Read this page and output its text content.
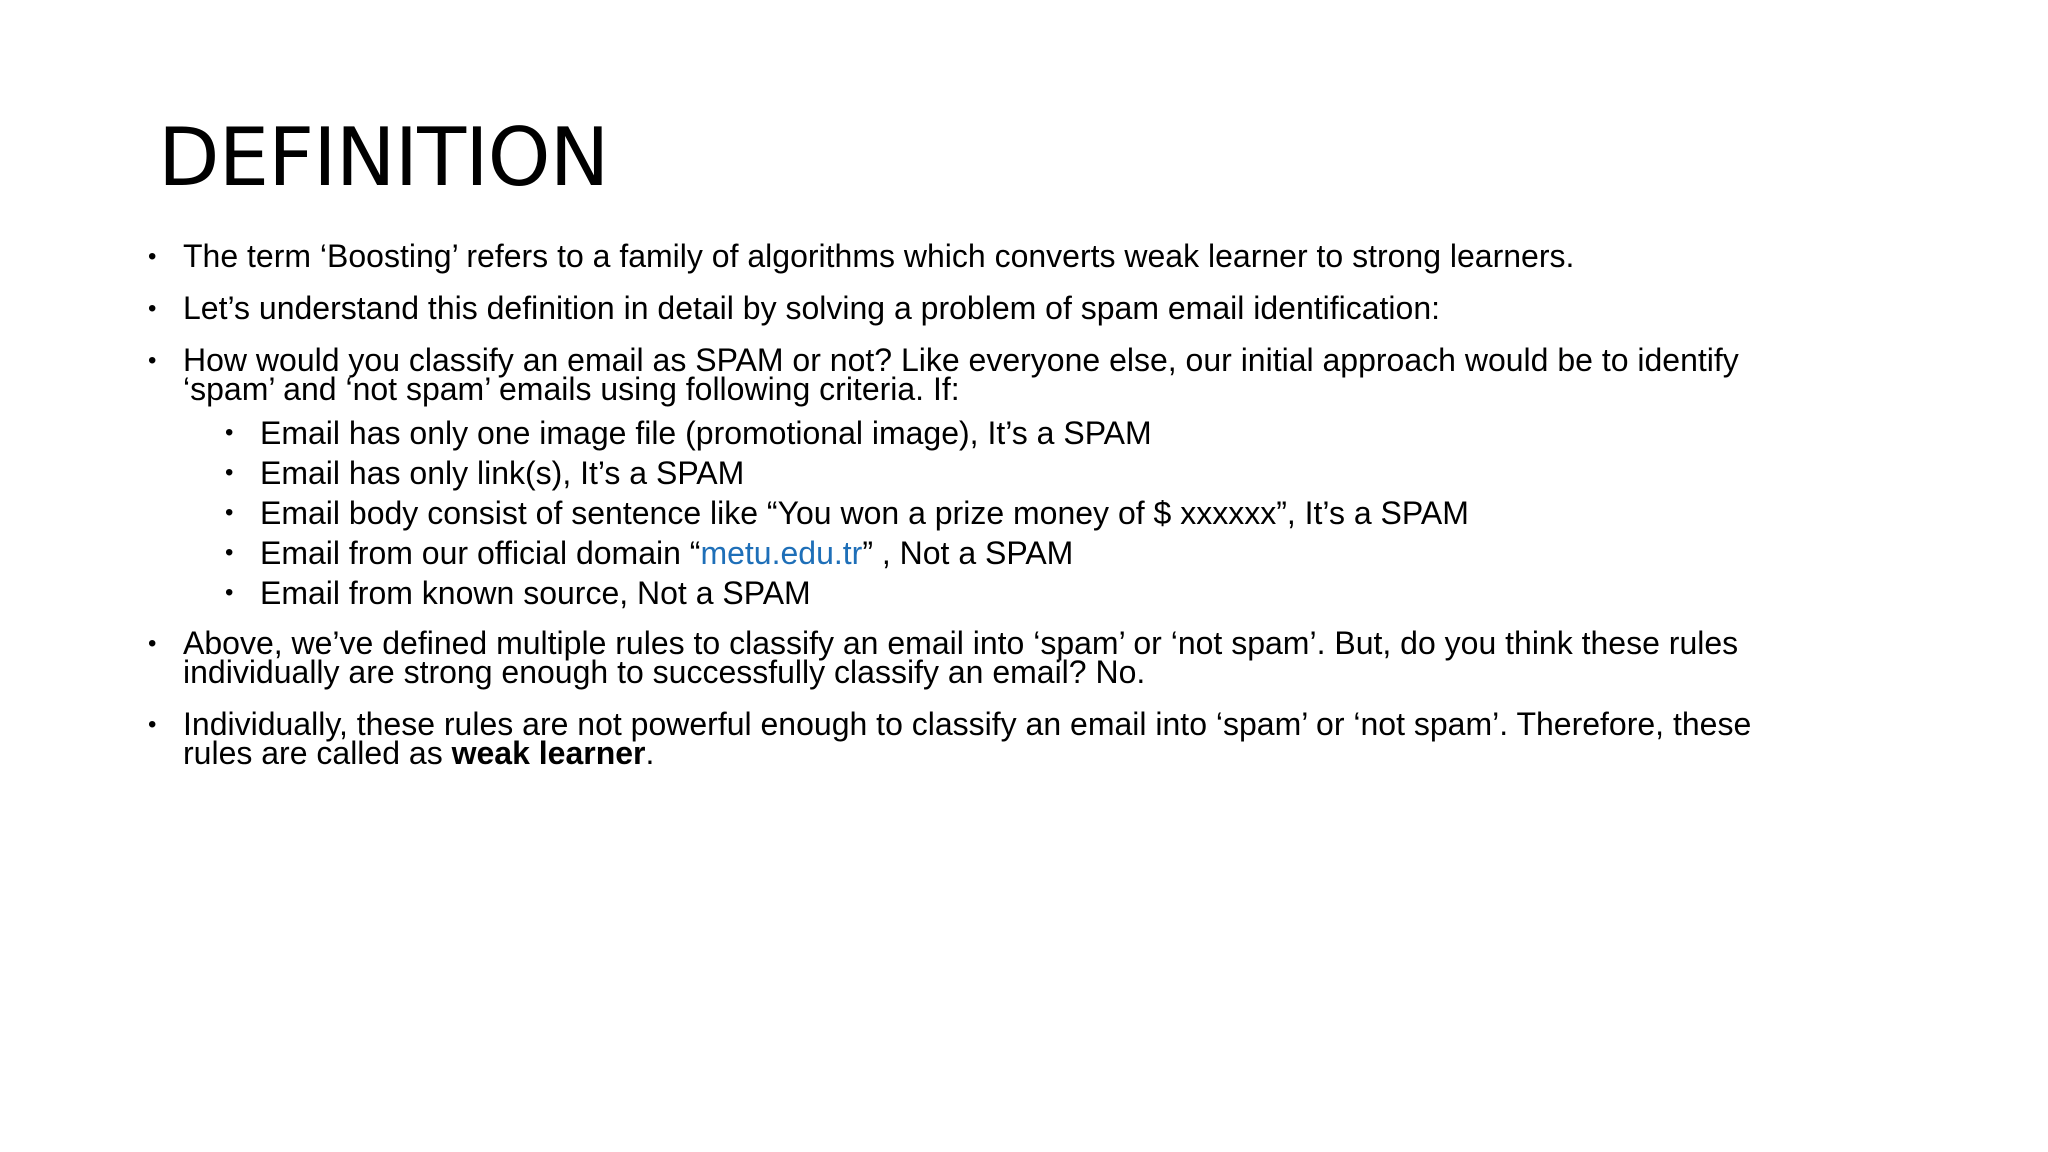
DEFINITION
• The term ‘Boosting’ refers to a family of algorithms which converts weak learner to strong learners.
• Let’s understand this definition in detail by solving a problem of spam email identification:
• How would you classify an email as SPAM or not? Like everyone else, our initial approach would be to identify
‘spam’ and ‘not spam’ emails using following criteria. If:
• Email has only one image file (promotional image), It’s a SPAM
• Email has only link(s), It’s a SPAM
• Email body consist of sentence like “You won a prize money of $ xxxxxx”, It’s a SPAM
• Email from our official domain “metu.edu.tr” , Not a SPAM
• Email from known source, Not a SPAM
• Above, we’ve defined multiple rules to classify an email into ‘spam’ or ‘not spam’. But, do you think these rules
individually are strong enough to successfully classify an email? No.
• Individually, these rules are not powerful enough to classify an email into ‘spam’ or ‘not spam’. Therefore, these
rules are called as weak learner.
